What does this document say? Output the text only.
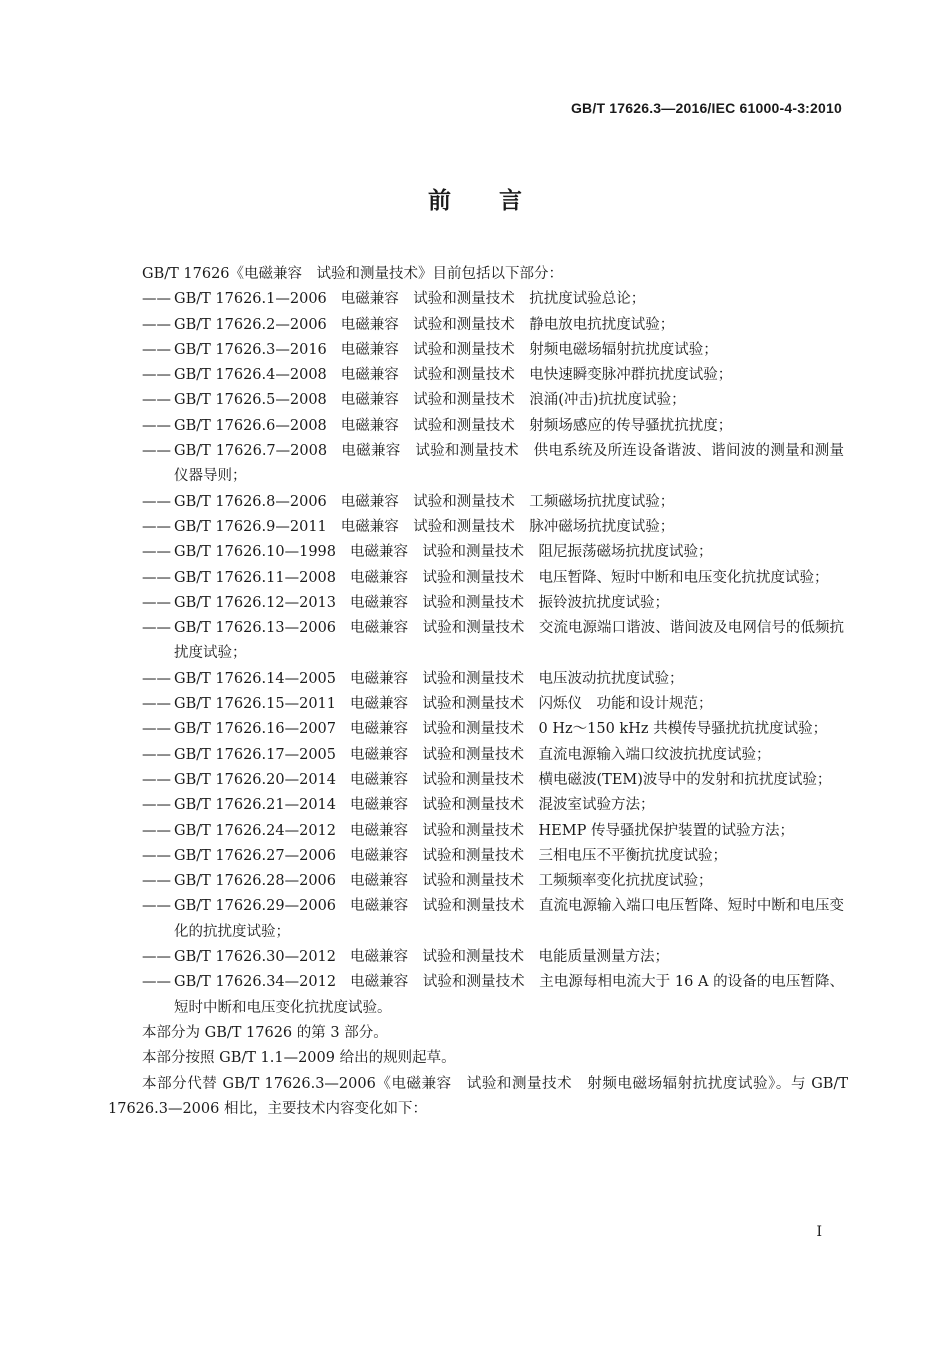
GB/T 17626.3—2016/IEC 61000-4-3:2010
前言
GB/T 17626《电磁兼容　试验和测量技术》目前包括以下部分：
—— GB/T 17626.1—2006 电磁兼容　试验和测量技术　抗扰度试验总论；
—— GB/T 17626.2—2006 电磁兼容　试验和测量技术　静电放电抗扰度试验；
—— GB/T 17626.3—2016 电磁兼容　试验和测量技术　射频电磁场辐射抗扰度试验；
—— GB/T 17626.4—2008 电磁兼容　试验和测量技术　电快速瞬变脉冲群抗扰度试验；
—— GB/T 17626.5—2008 电磁兼容　试验和测量技术　浪涌(冲击)抗扰度试验；
—— GB/T 17626.6—2008 电磁兼容　试验和测量技术　射频场感应的传导骚扰抗扰度；
—— GB/T 17626.7—2008 电磁兼容　试验和测量技术　供电系统及所连设备谐波、谐间波的测量和测量仪器导则；
—— GB/T 17626.8—2006 电磁兼容　试验和测量技术　工频磁场抗扰度试验；
—— GB/T 17626.9—2011 电磁兼容　试验和测量技术　脉冲磁场抗扰度试验；
—— GB/T 17626.10—1998 电磁兼容　试验和测量技术　阻尼振荡磁场抗扰度试验；
—— GB/T 17626.11—2008 电磁兼容　试验和测量技术　电压暂降、短时中断和电压变化抗扰度试验；
—— GB/T 17626.12—2013 电磁兼容　试验和测量技术　振铃波抗扰度试验；
—— GB/T 17626.13—2006 电磁兼容　试验和测量技术　交流电源端口谐波、谐间波及电网信号的低频抗扰度试验；
—— GB/T 17626.14—2005 电磁兼容　试验和测量技术　电压波动抗扰度试验；
—— GB/T 17626.15—2011 电磁兼容　试验和测量技术　闪烁仪　功能和设计规范；
—— GB/T 17626.16—2007 电磁兼容　试验和测量技术　0 Hz～150 kHz 共模传导骚扰抗扰度试验；
—— GB/T 17626.17—2005 电磁兼容　试验和测量技术　直流电源输入端口纹波抗扰度试验；
—— GB/T 17626.20—2014 电磁兼容　试验和测量技术　横电磁波(TEM)波导中的发射和抗扰度试验；
—— GB/T 17626.21—2014 电磁兼容　试验和测量技术　混波室试验方法；
—— GB/T 17626.24—2012 电磁兼容　试验和测量技术　HEMP 传导骚扰保护装置的试验方法；
—— GB/T 17626.27—2006 电磁兼容　试验和测量技术　三相电压不平衡抗扰度试验；
—— GB/T 17626.28—2006 电磁兼容　试验和测量技术　工频频率变化抗扰度试验；
—— GB/T 17626.29—2006 电磁兼容　试验和测量技术　直流电源输入端口电压暂降、短时中断和电压变化的抗扰度试验；
—— GB/T 17626.30—2012 电磁兼容　试验和测量技术　电能质量测量方法；
—— GB/T 17626.34—2012 电磁兼容　试验和测量技术　主电源每相电流大于 16 A 的设备的电压暂降、短时中断和电压变化抗扰度试验。
本部分为 GB/T 17626 的第 3 部分。
本部分按照 GB/T 1.1—2009 给出的规则起草。
本部分代替 GB/T 17626.3—2006《电磁兼容　试验和测量技术　射频电磁场辐射抗扰度试验》。与 GB/T 17626.3—2006 相比，主要技术内容变化如下：
I
